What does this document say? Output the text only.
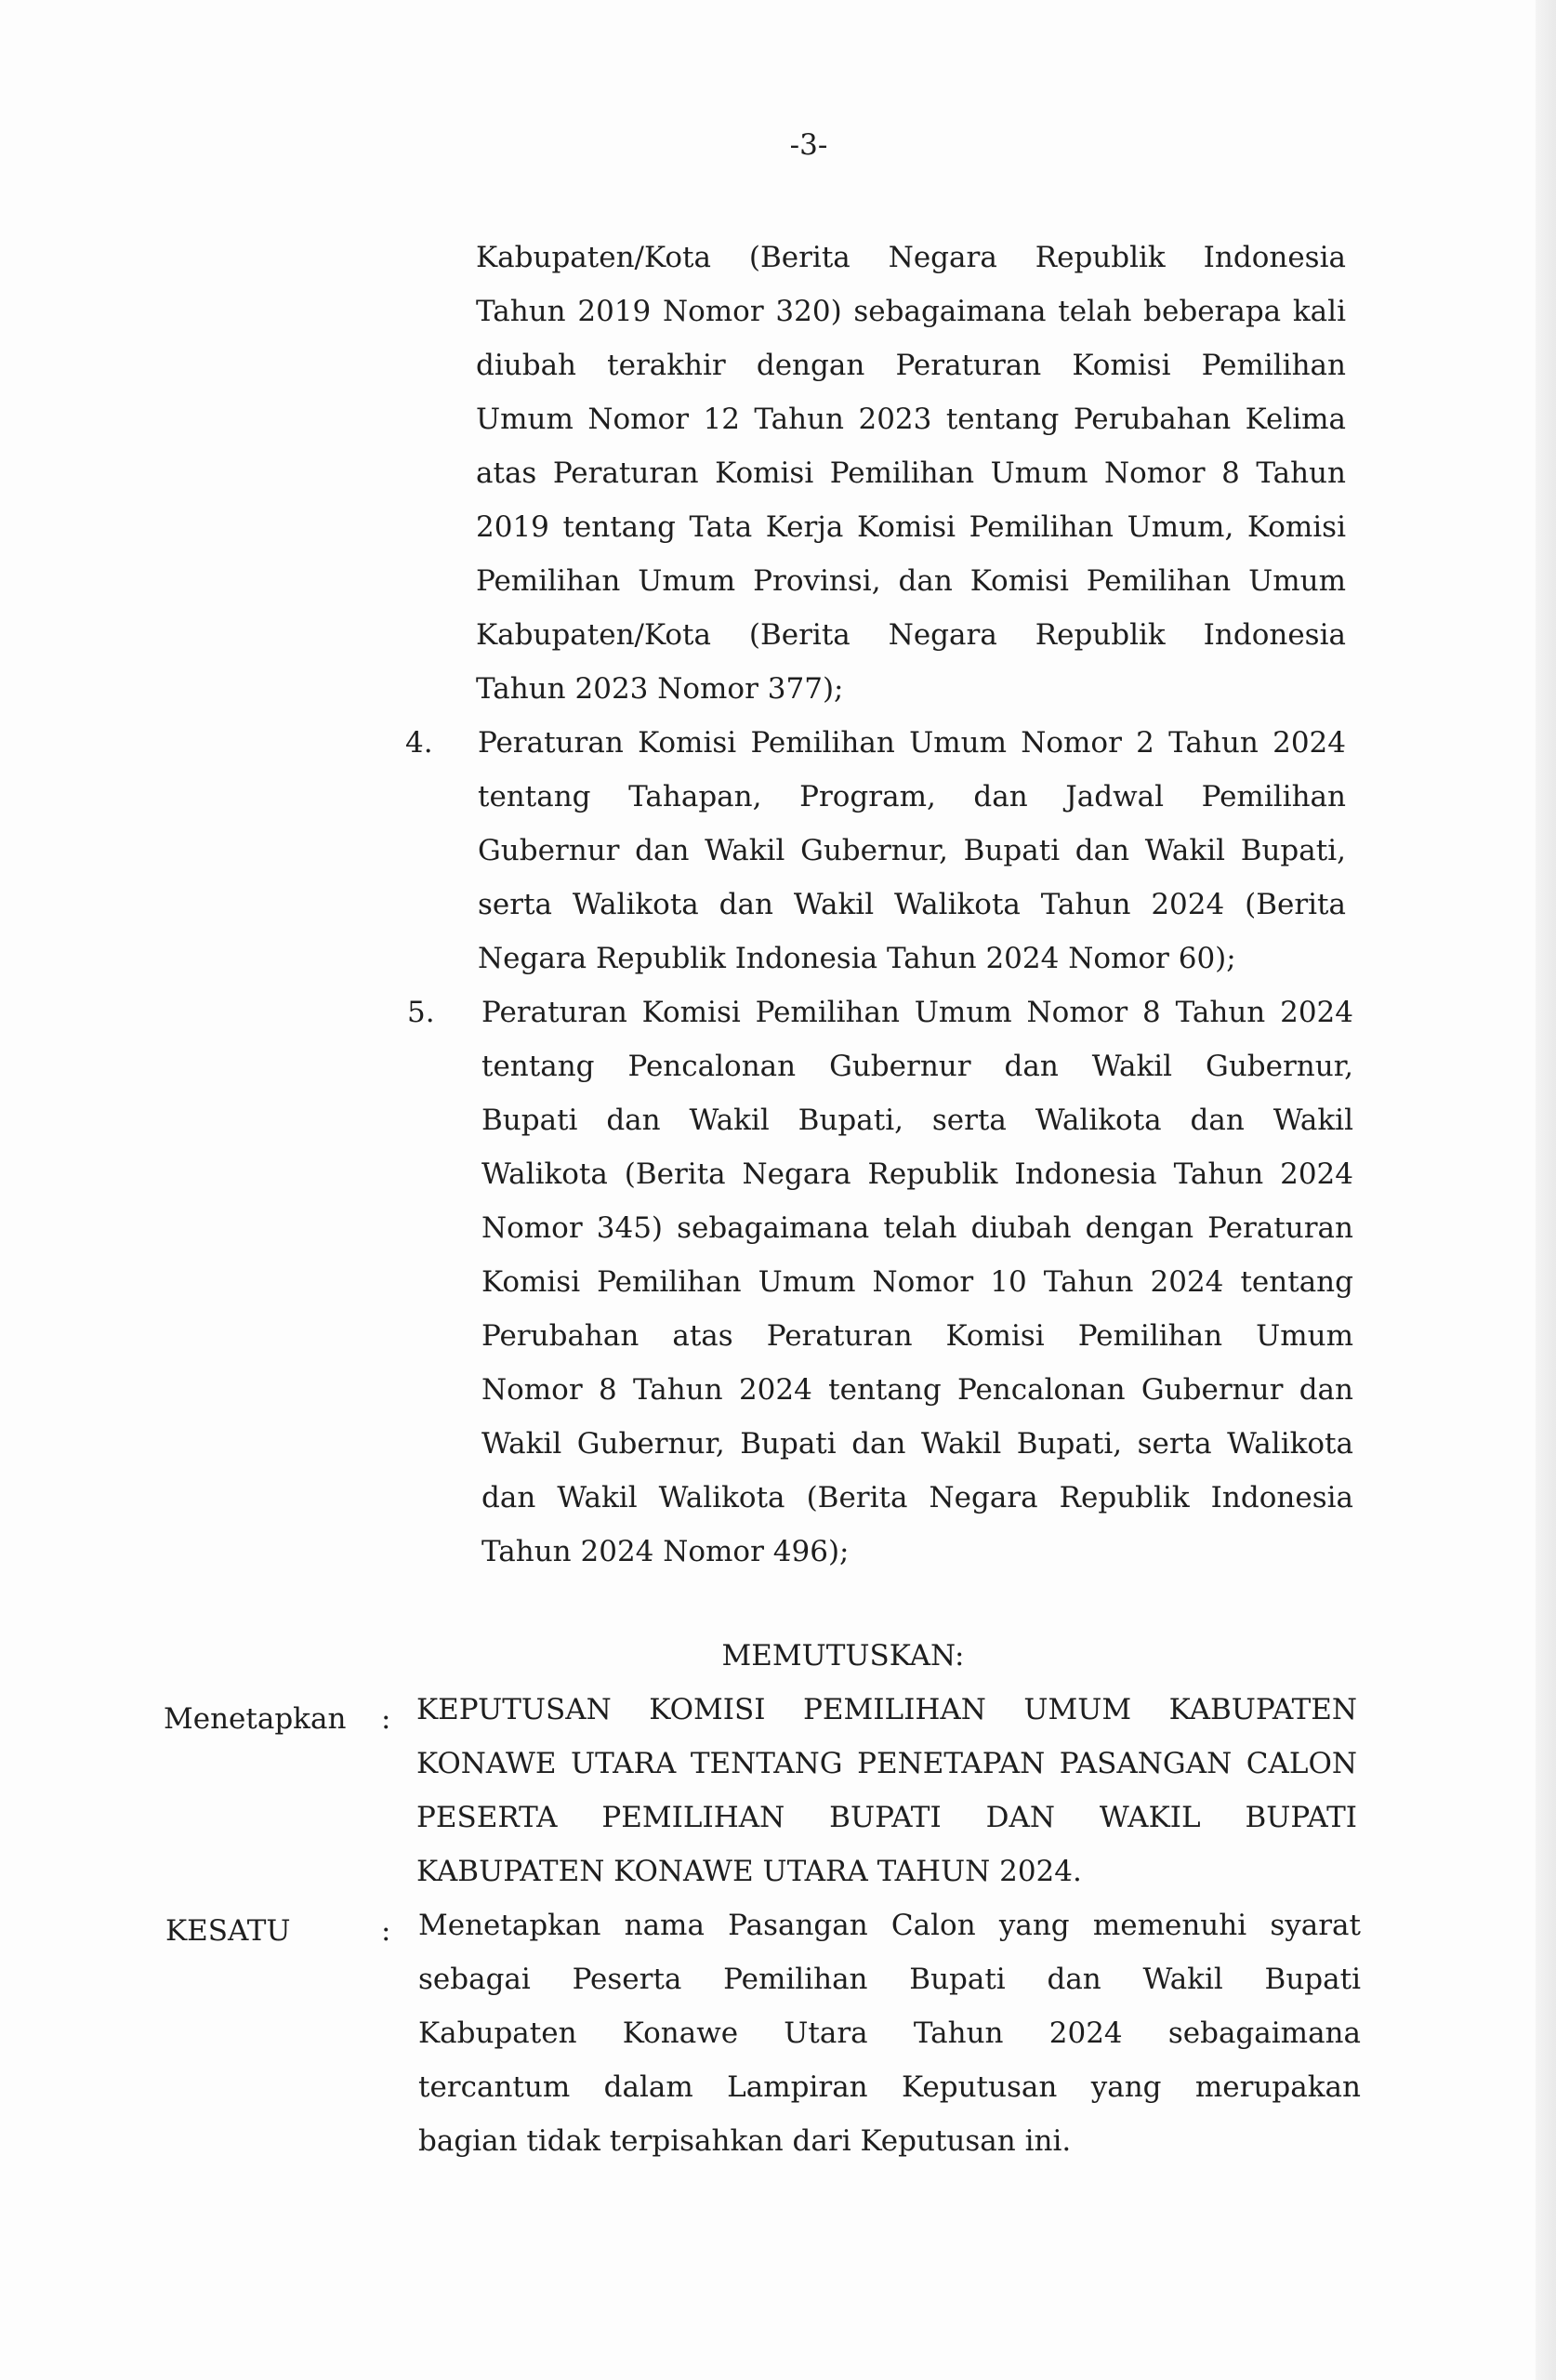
-3-
Kabupaten/Kota (Berita Negara Republik Indonesia
Tahun 2019 Nomor 320) sebagaimana telah beberapa kali
diubah terakhir dengan Peraturan Komisi Pemilihan
Umum Nomor 12 Tahun 2023 tentang Perubahan Kelima
atas Peraturan Komisi Pemilihan Umum Nomor 8 Tahun
2019 tentang Tata Kerja Komisi Pemilihan Umum, Komisi
Pemilihan Umum Provinsi, dan Komisi Pemilihan Umum
Kabupaten/Kota (Berita Negara Republik Indonesia
Tahun 2023 Nomor 377);
4. Peraturan Komisi Pemilihan Umum Nomor 2 Tahun 2024
tentang Tahapan, Program, dan Jadwal Pemilihan
Gubernur dan Wakil Gubernur, Bupati dan Wakil Bupati,
serta Walikota dan Wakil Walikota Tahun 2024 (Berita
Negara Republik Indonesia Tahun 2024 Nomor 60);
5. Peraturan Komisi Pemilihan Umum Nomor 8 Tahun 2024
tentang Pencalonan Gubernur dan Wakil Gubernur,
Bupati dan Wakil Bupati, serta Walikota dan Wakil
Walikota (Berita Negara Republik Indonesia Tahun 2024
Nomor 345) sebagaimana telah diubah dengan Peraturan
Komisi Pemilihan Umum Nomor 10 Tahun 2024 tentang
Perubahan atas Peraturan Komisi Pemilihan Umum
Nomor 8 Tahun 2024 tentang Pencalonan Gubernur dan
Wakil Gubernur, Bupati dan Wakil Bupati, serta Walikota
dan Wakil Walikota (Berita Negara Republik Indonesia
Tahun 2024 Nomor 496);
MEMUTUSKAN:
Menetapkan : KEPUTUSAN KOMISI PEMILIHAN UMUM KABUPATEN
KONAWE UTARA TENTANG PENETAPAN PASANGAN CALON
PESERTA PEMILIHAN BUPATI DAN WAKIL BUPATI
KABUPATEN KONAWE UTARA TAHUN 2024.
KESATU	: Menetapkan nama Pasangan Calon yang memenuhi syarat
sebagai Peserta Pemilihan Bupati dan Wakil Bupati
Kabupaten Konawe Utara Tahun 2024 sebagaimana
tercantum dalam Lampiran Keputusan yang merupakan
bagian tidak terpisahkan dari Keputusan ini.
